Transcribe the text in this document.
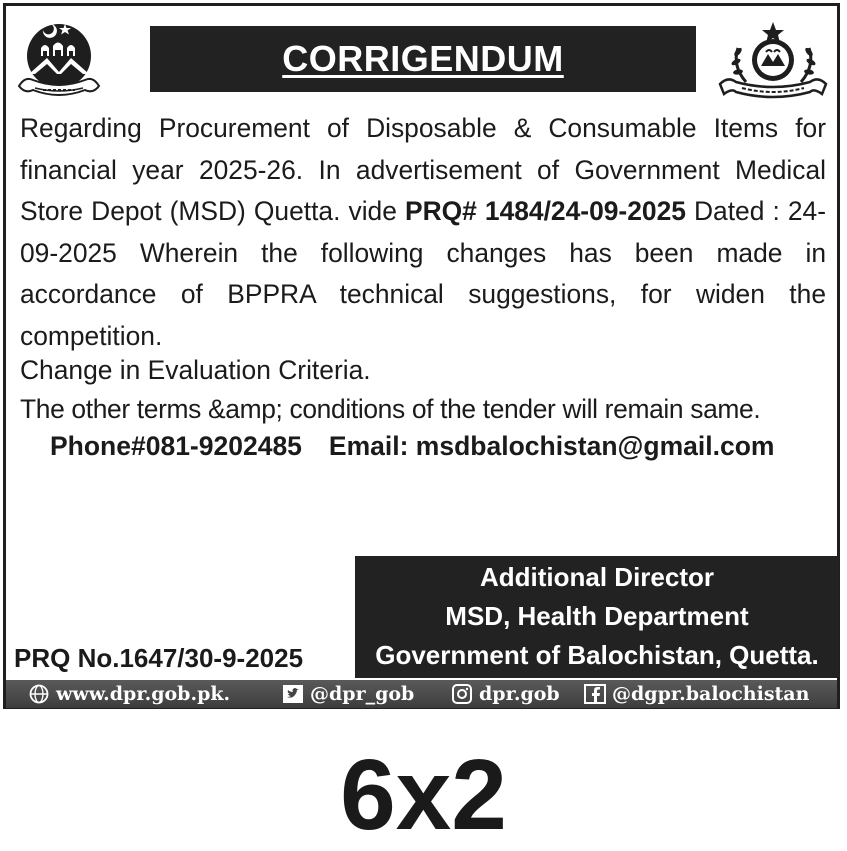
CORRIGENDUM
Regarding Procurement of Disposable & Consumable Items for financial year 2025-26. In advertisement of Government Medical Store Depot (MSD) Quetta. vide PRQ# 1484/24-09-2025 Dated : 24-09-2025 Wherein the following changes has been made in accordance of BPPRA technical suggestions, for widen the competition.
Change in Evaluation Criteria.
The other terms &amp; conditions of the tender will remain same.
Phone#081-9202485 Email: msdbalochistan@gmail.com
Additional Director
MSD, Health Department
Government of Balochistan, Quetta.
PRQ No.1647/30-9-2025
www.dpr.gob.pk.	@dpr_gob	dpr.gob	@dgpr.balochistan
6x2
